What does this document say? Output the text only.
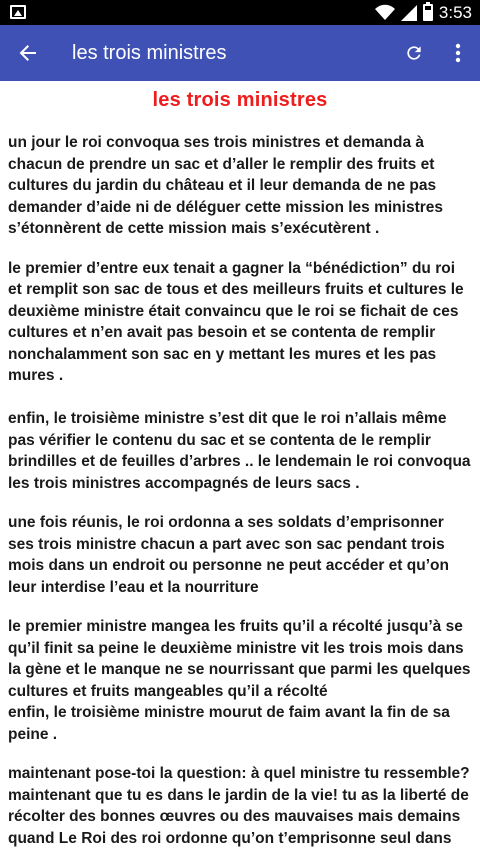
3:53
les trois ministres
les trois ministres

un jour le roi convoqua ses trois ministres et demanda à chacun de prendre un sac et d’aller le remplir des fruits et cultures du jardin du château et il leur demanda de ne pas demander d’aide ni de déléguer cette mission les ministres s’étonnèrent de cette mission mais s’exécutèrent .

le premier d’entre eux tenait a gagner la “bénédiction” du roi et remplit son sac de tous et des meilleurs fruits et cultures le deuxième ministre était convaincu que le roi se fichait de ces cultures et n’en avait pas besoin et se contenta de remplir nonchalamment son sac en y mettant les mures et les pas mures .

enfin, le troisième ministre s’est dit que le roi n’allais même pas vérifier le contenu du sac et se contenta de le remplir brindilles et de feuilles d’arbres .. le lendemain le roi convoqua les trois ministres accompagnés de leurs sacs .

une fois réunis, le roi ordonna a ses soldats d’emprisonner ses trois ministre chacun a part avec son sac pendant trois mois dans un endroit ou personne ne peut accéder et qu’on leur interdise l’eau et la nourriture

le premier ministre mangea les fruits qu’il a récolté jusqu’à se qu’il finit sa peine le deuxième ministre vit les trois mois dans la gène et le manque ne se nourrissant que parmi les quelques cultures et fruits mangeables qu’il a récolté
enfin, le troisième ministre mourut de faim avant la fin de sa peine .

maintenant pose-toi la question: à quel ministre tu ressemble? maintenant que tu es dans le jardin de la vie! tu as la liberté de récolter des bonnes œuvres ou des mauvaises mais demains quand Le Roi des roi ordonne qu’on t’emprisonne seul dans
